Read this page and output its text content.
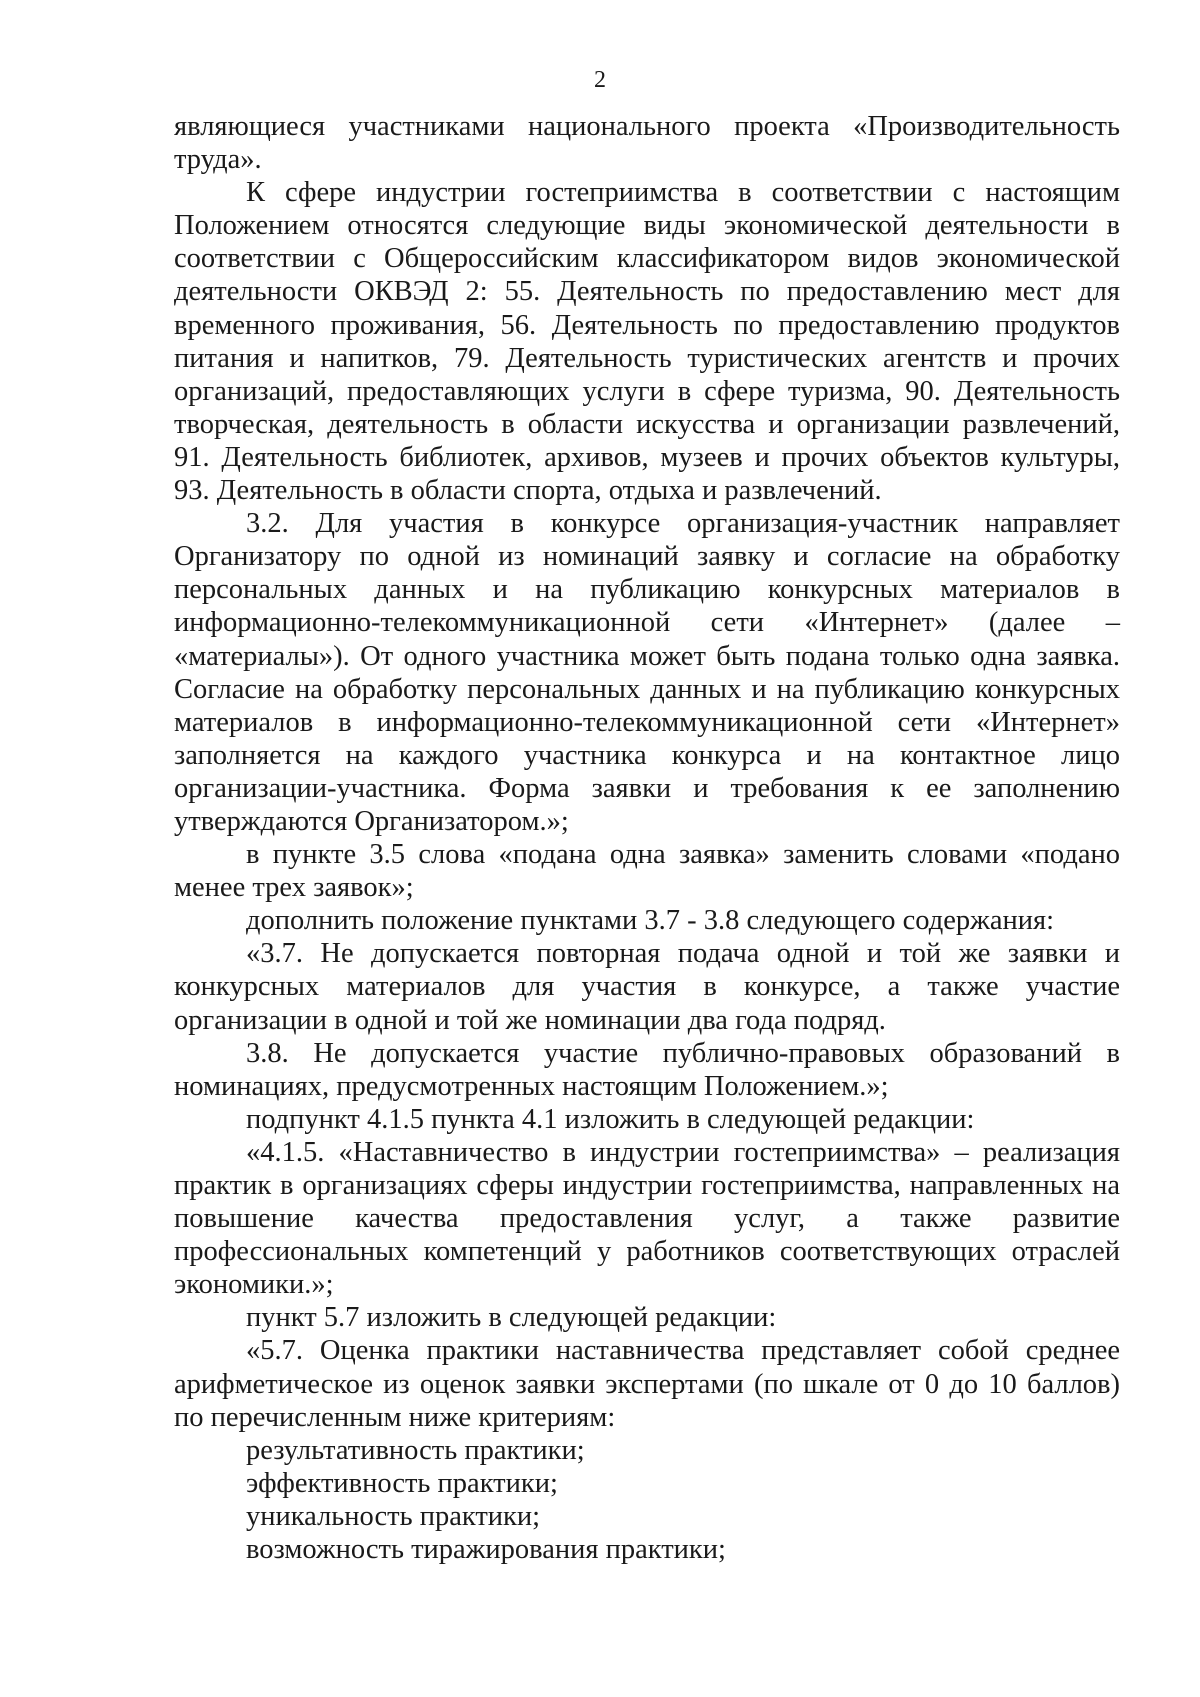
2

являющиеся участниками национального проекта «Производительность труда».

К сфере индустрии гостеприимства в соответствии с настоящим Положением относятся следующие виды экономической деятельности в соответствии с Общероссийским классификатором видов экономической деятельности ОКВЭД 2: 55. Деятельность по предоставлению мест для временного проживания, 56. Деятельность по предоставлению продуктов питания и напитков, 79. Деятельность туристических агентств и прочих организаций, предоставляющих услуги в сфере туризма, 90. Деятельность творческая, деятельность в области искусства и организации развлечений, 91. Деятельность библиотек, архивов, музеев и прочих объектов культуры, 93. Деятельность в области спорта, отдыха и развлечений.

3.2. Для участия в конкурсе организация-участник направляет Организатору по одной из номинаций заявку и согласие на обработку персональных данных и на публикацию конкурсных материалов в информационно-телекоммуникационной сети «Интернет» (далее – «материалы»). От одного участника может быть подана только одна заявка. Согласие на обработку персональных данных и на публикацию конкурсных материалов в информационно-телекоммуникационной сети «Интернет» заполняется на каждого участника конкурса и на контактное лицо организации-участника. Форма заявки и требования к ее заполнению утверждаются Организатором.»;

в пункте 3.5 слова «подана одна заявка» заменить словами «подано менее трех заявок»;

дополнить положение пунктами 3.7 - 3.8 следующего содержания:

«3.7. Не допускается повторная подача одной и той же заявки и конкурсных материалов для участия в конкурсе, а также участие организации в одной и той же номинации два года подряд.

3.8. Не допускается участие публично-правовых образований в номинациях, предусмотренных настоящим Положением.»;

подпункт 4.1.5 пункта 4.1 изложить в следующей редакции:

«4.1.5. «Наставничество в индустрии гостеприимства» – реализация практик в организациях сферы индустрии гостеприимства, направленных на повышение качества предоставления услуг, а также развитие профессиональных компетенций у работников соответствующих отраслей экономики.»;

пункт 5.7 изложить в следующей редакции:

«5.7. Оценка практики наставничества представляет собой среднее арифметическое из оценок заявки экспертами (по шкале от 0 до 10 баллов) по перечисленным ниже критериям:

результативность практики;

эффективность практики;

уникальность практики;

возможность тиражирования практики;
